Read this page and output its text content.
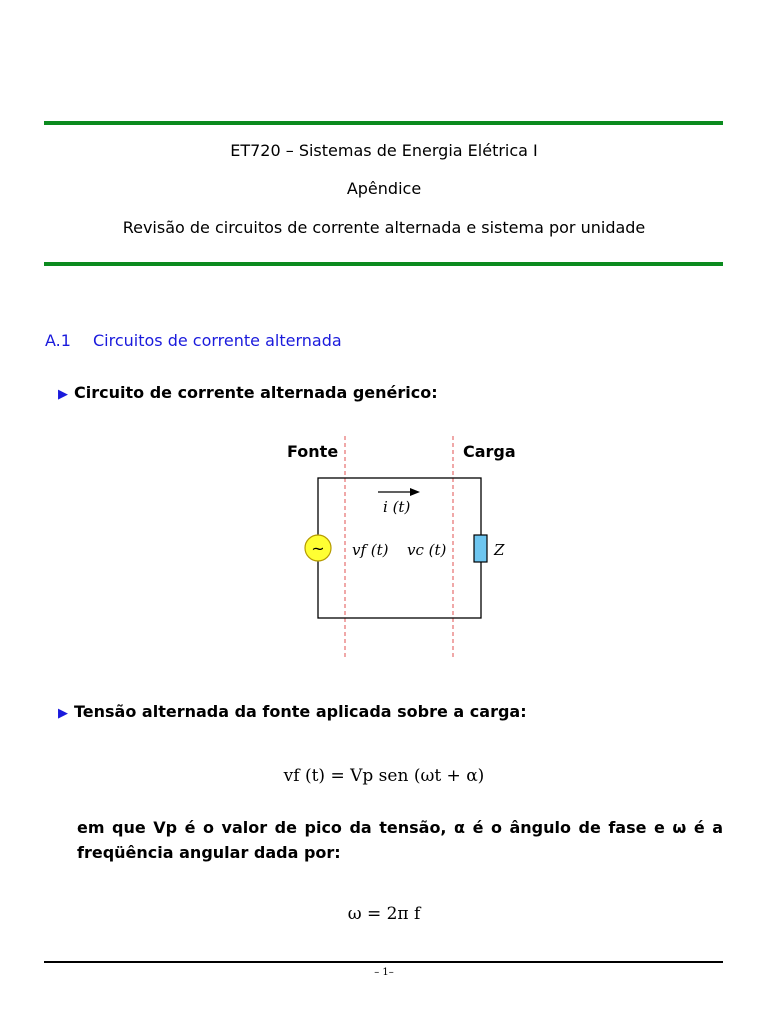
ET720 – Sistemas de Energia Elétrica I
Apêndice
Revisão de circuitos de corrente alternada e sistema por unidade
A.1 Circuitos de corrente alternada
▶ Circuito de corrente alternada genérico:
~
Fonte	Carga
i (t)
vf (t) vc (t)	Z
▶ Tensão alternada da fonte aplicada sobre a carga:
vf (t) = Vp sen (ωt + α)
em que Vp é o valor de pico da tensão, α é o ângulo de fase e ω é a freqüência angular dada por:
ω = 2π f
– 1–
